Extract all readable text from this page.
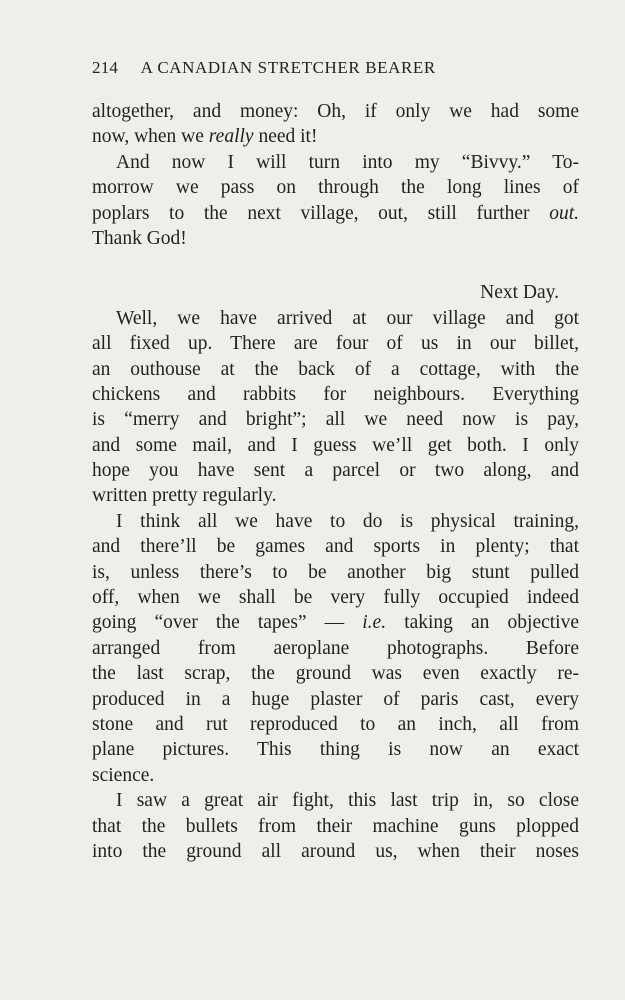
214 A CANADIAN STRETCHER BEARER
altogether, and money: Oh, if only we had some
now, when we really need it!
And now I will turn into my “Bivvy.” To-
morrow we pass on through the long lines of
poplars to the next village, out, still further out.
Thank God!
Next Day.
Well, we have arrived at our village and got
all fixed up. There are four of us in our billet,
an outhouse at the back of a cottage, with the
chickens and rabbits for neighbours. Everything
is “merry and bright”; all we need now is pay,
and some mail, and I guess we’ll get both. I only
hope you have sent a parcel or two along, and
written pretty regularly.
I think all we have to do is physical training,
and there’ll be games and sports in plenty; that
is, unless there’s to be another big stunt pulled
off, when we shall be very fully occupied indeed
going “over the tapes” — i.e. taking an objective
arranged from aeroplane photographs. Before
the last scrap, the ground was even exactly re-
produced in a huge plaster of paris cast, every
stone and rut reproduced to an inch, all from
plane pictures. This thing is now an exact
science.
I saw a great air fight, this last trip in, so close
that the bullets from their machine guns plopped
into the ground all around us, when their noses
